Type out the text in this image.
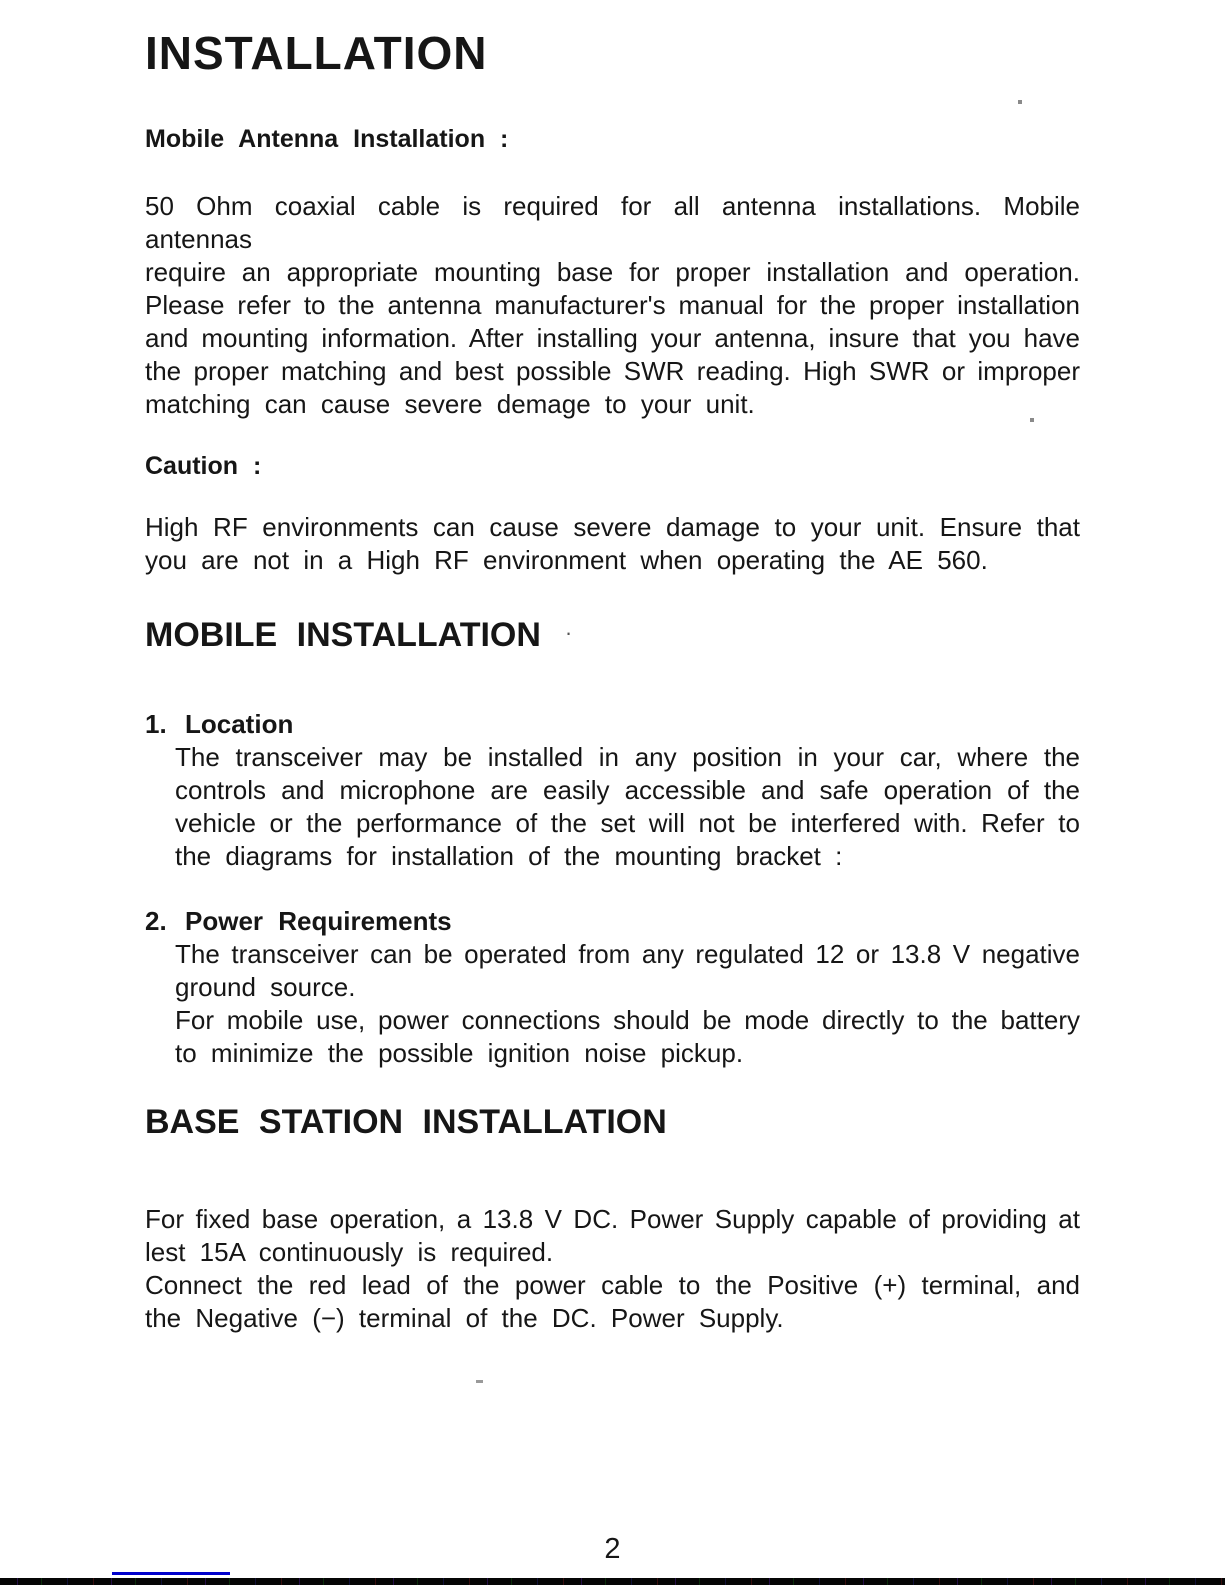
INSTALLATION
Mobile Antenna Installation :
50 Ohm coaxial cable is required for all antenna installations. Mobile antennas
require an appropriate mounting base for proper installation and operation.
Please refer to the antenna manufacturer's manual for the proper installation
and mounting information. After installing your antenna, insure that you have
the proper matching and best possible SWR reading. High SWR or improper
matching can cause severe demage to your unit.
Caution :
High RF environments can cause severe damage to your unit. Ensure that
you are not in a High RF environment when operating the AE 560.
MOBILE INSTALLATION ·
1. Location
The transceiver may be installed in any position in your car, where the
controls and microphone are easily accessible and safe operation of the
vehicle or the performance of the set will not be interfered with. Refer to
the diagrams for installation of the mounting bracket :
2. Power Requirements
The transceiver can be operated from any regulated 12 or 13.8 V negative
ground source.
For mobile use, power connections should be mode directly to the battery
to minimize the possible ignition noise pickup.
BASE STATION INSTALLATION
For fixed base operation, a 13.8 V DC. Power Supply capable of providing at
lest 15A continuously is required.
Connect the red lead of the power cable to the Positive (+) terminal, and
the Negative (−) terminal of the DC. Power Supply.
2
